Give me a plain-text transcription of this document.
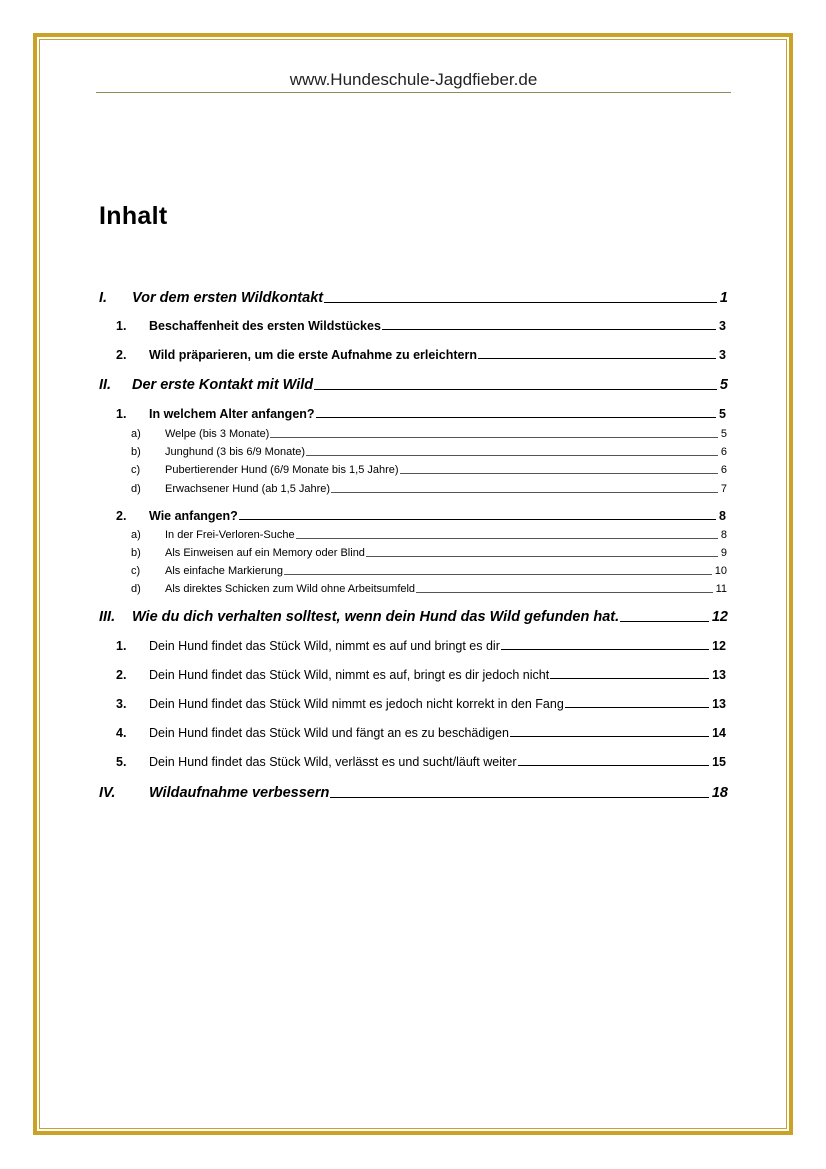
www.Hundeschule-Jagdfieber.de
Inhalt
I.	Vor dem ersten Wildkontakt	1
1.	Beschaffenheit des ersten Wildstückes	3
2.	Wild präparieren, um die erste Aufnahme zu erleichtern	3
II.	Der erste Kontakt mit Wild	5
1.	In welchem Alter anfangen?	5
a)	Welpe (bis 3 Monate)	5
b)	Junghund (3 bis 6/9 Monate)	6
c)	Pubertierender Hund (6/9 Monate bis 1,5 Jahre)	6
d)	Erwachsener Hund (ab 1,5 Jahre)	7
2.	Wie anfangen?	8
a)	In der Frei-Verloren-Suche	8
b)	Als Einweisen auf ein Memory oder Blind	9
c)	Als einfache Markierung	10
d)	Als direktes Schicken zum Wild ohne Arbeitsumfeld	11
III.	Wie du dich verhalten solltest, wenn dein Hund das Wild gefunden hat.	12
1.	Dein Hund findet das Stück Wild, nimmt es auf und bringt es dir	12
2.	Dein Hund findet das Stück Wild, nimmt es auf, bringt es dir jedoch nicht	13
3.	Dein Hund findet das Stück Wild nimmt es jedoch nicht korrekt in den Fang	13
4.	Dein Hund findet das Stück Wild und fängt an es zu beschädigen	14
5.	Dein Hund findet das Stück Wild, verlässt es und sucht/läuft weiter	15
IV.	Wildaufnahme verbessern	18
